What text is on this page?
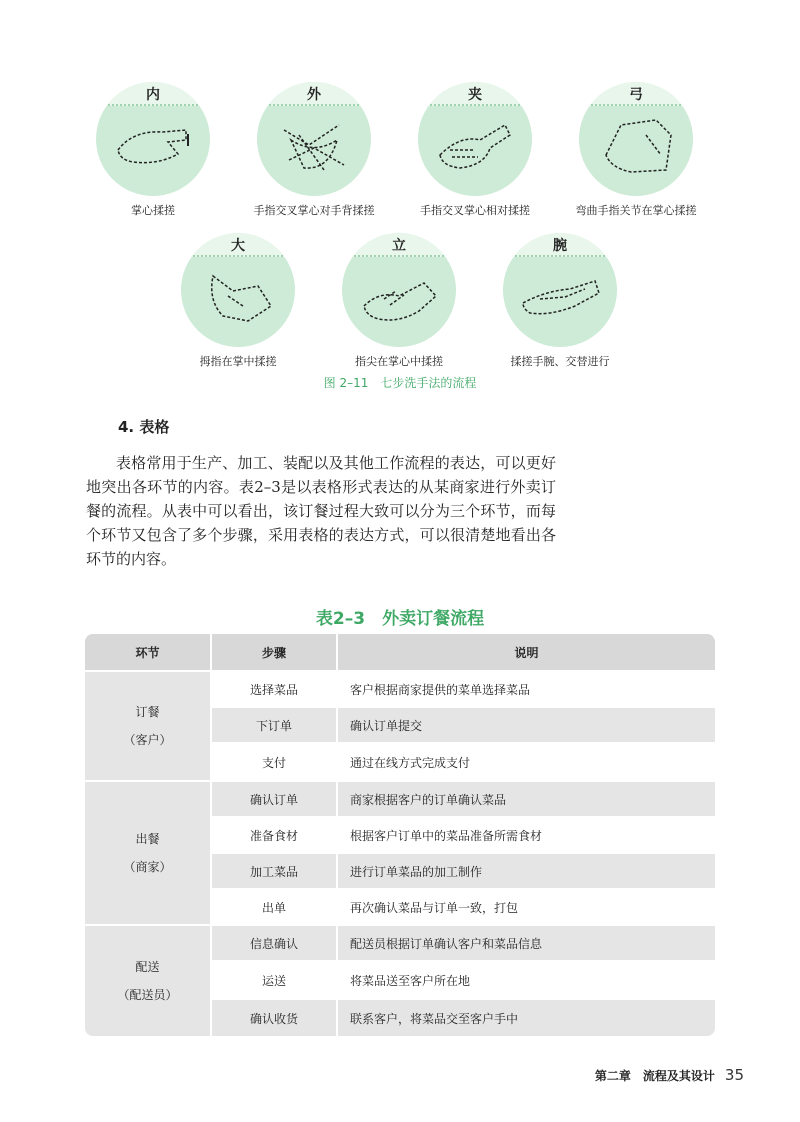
内
掌心揉搓
外
手指交叉掌心对手背揉搓
夹
手指交叉掌心相对揉搓
弓
弯曲手指关节在掌心揉搓
大
拇指在掌中揉搓
立
指尖在掌心中揉搓
腕
揉搓手腕、交替进行
图 2–11　七步洗手法的流程
4. 表格
表格常用于生产、加工、装配以及其他工作流程的表达，可以更好地突出各环节的内容。表2–3是以表格形式表达的从某商家进行外卖订餐的流程。从表中可以看出，该订餐过程大致可以分为三个环节，而每个环节又包含了多个步骤，采用表格的表达方式，可以很清楚地看出各环节的内容。
表2–3　外卖订餐流程
环节	步骤	说明
订餐
（客户）
选择菜品	客户根据商家提供的菜单选择菜品
下订单	确认订单提交
支付	通过在线方式完成支付
出餐
（商家）
确认订单	商家根据客户的订单确认菜品
准备食材	根据客户订单中的菜品准备所需食材
加工菜品	进行订单菜品的加工制作
出单	再次确认菜品与订单一致，打包
配送
（配送员）
信息确认	配送员根据订单确认客户和菜品信息
运送	将菜品送至客户所在地
确认收货	联系客户，将菜品交至客户手中
第二章　流程及其设计 35
